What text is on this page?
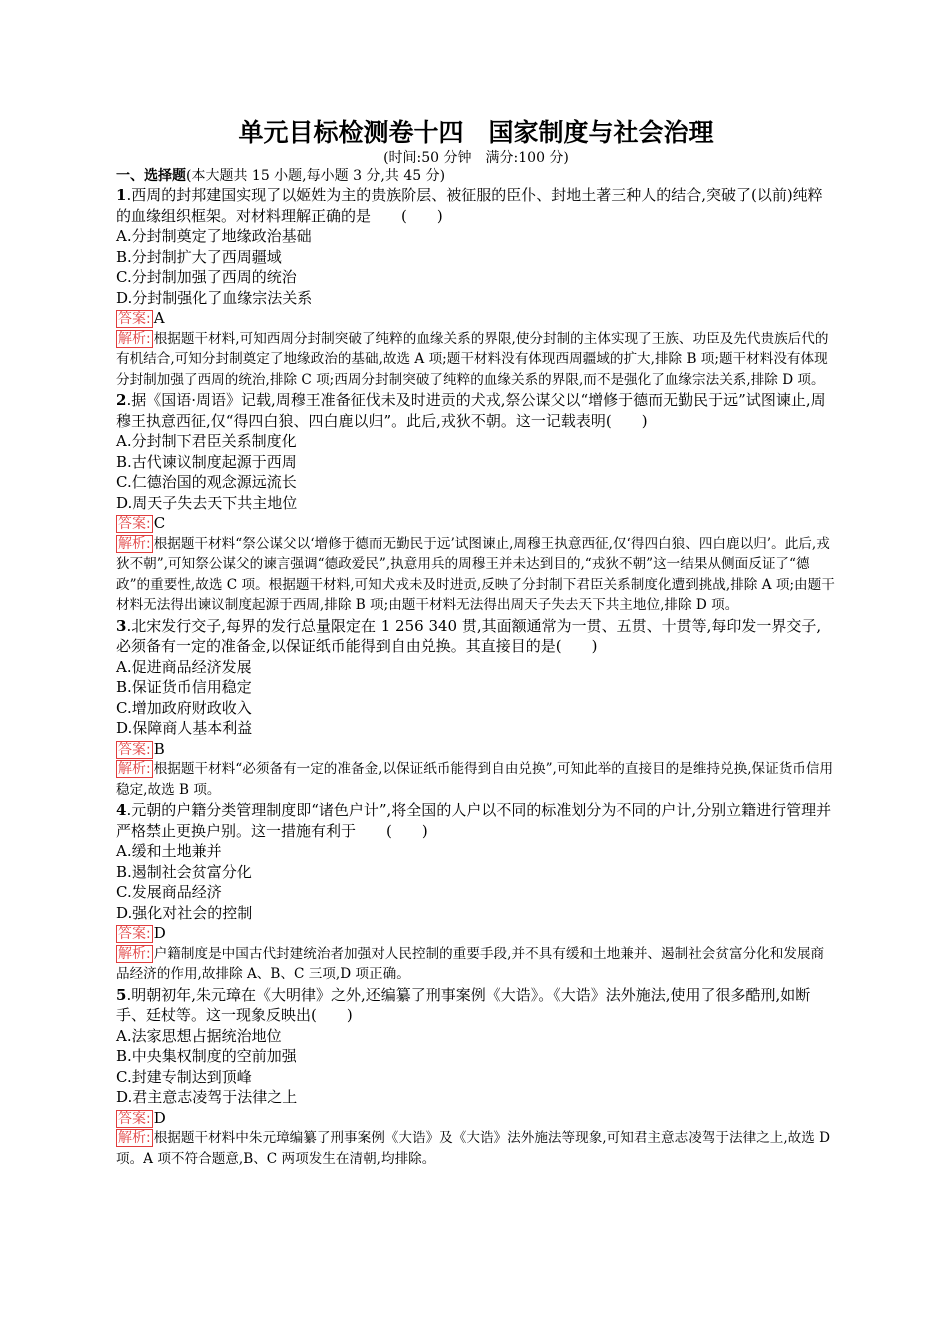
单元目标检测卷十四　国家制度与社会治理

(时间:50 分钟　满分:100 分)

一、选择题(本大题共 15 小题,每小题 3 分,共 45 分)

1.西周的封邦建国实现了以姬姓为主的贵族阶层、被征服的臣仆、封地土著三种人的结合,突破了(以前)纯粹的血缘组织框架。对材料理解正确的是　　(　　)

A.分封制奠定了地缘政治基础

B.分封制扩大了西周疆域

C.分封制加强了西周的统治

D.分封制强化了血缘宗法关系

答案: A

解析: 根据题干材料,可知西周分封制突破了纯粹的血缘关系的界限,使分封制的主体实现了王族、功臣及先代贵族后代的有机结合,可知分封制奠定了地缘政治的基础,故选 A 项;题干材料没有体现西周疆域的扩大,排除 B 项;题干材料没有体现分封制加强了西周的统治,排除 C 项;西周分封制突破了纯粹的血缘关系的界限,而不是强化了血缘宗法关系,排除 D 项。

2.据《国语·周语》记载,周穆王准备征伐未及时进贡的犬戎,祭公谋父以“增修于德而无勤民于远”试图谏止,周穆王执意西征,仅“得四白狼、四白鹿以归”。此后,戎狄不朝。这一记载表明(　　)

A.分封制下君臣关系制度化

B.古代谏议制度起源于西周

C.仁德治国的观念源远流长

D.周天子失去天下共主地位

答案: C

解析: 根据题干材料“祭公谋父以‘增修于德而无勤民于远’试图谏止,周穆王执意西征,仅‘得四白狼、四白鹿以归’。此后,戎狄不朝”,可知祭公谋父的谏言强调“德政爱民”,执意用兵的周穆王并未达到目的,“戎狄不朝”这一结果从侧面反证了“德政”的重要性,故选 C 项。根据题干材料,可知犬戎未及时进贡,反映了分封制下君臣关系制度化遭到挑战,排除 A 项;由题干材料无法得出谏议制度起源于西周,排除 B 项;由题干材料无法得出周天子失去天下共主地位,排除 D 项。

3.北宋发行交子,每界的发行总量限定在 1 256 340 贯,其面额通常为一贯、五贯、十贯等,每印发一界交子,必须备有一定的准备金,以保证纸币能得到自由兑换。其直接目的是(　　)

A.促进商品经济发展

B.保证货币信用稳定

C.增加政府财政收入

D.保障商人基本利益

答案: B

解析: 根据题干材料“必须备有一定的准备金,以保证纸币能得到自由兑换”,可知此举的直接目的是维持兑换,保证货币信用稳定,故选 B 项。

4.元朝的户籍分类管理制度即“诸色户计”,将全国的人户以不同的标准划分为不同的户计,分别立籍进行管理并严格禁止更换户别。这一措施有利于　　(　　)

A.缓和土地兼并

B.遏制社会贫富分化

C.发展商品经济

D.强化对社会的控制

答案: D

解析: 户籍制度是中国古代封建统治者加强对人民控制的重要手段,并不具有缓和土地兼并、遏制社会贫富分化和发展商品经济的作用,故排除 A、B、C 三项,D 项正确。

5.明朝初年,朱元璋在《大明律》之外,还编纂了刑事案例《大诰》。《大诰》法外施法,使用了很多酷刑,如断手、廷杖等。这一现象反映出(　　)

A.法家思想占据统治地位

B.中央集权制度的空前加强

C.封建专制达到顶峰

D.君主意志凌驾于法律之上

答案: D

解析: 根据题干材料中朱元璋编纂了刑事案例《大诰》及《大诰》法外施法等现象,可知君主意志凌驾于法律之上,故选 D 项。A 项不符合题意,B、C 两项发生在清朝,均排除。
